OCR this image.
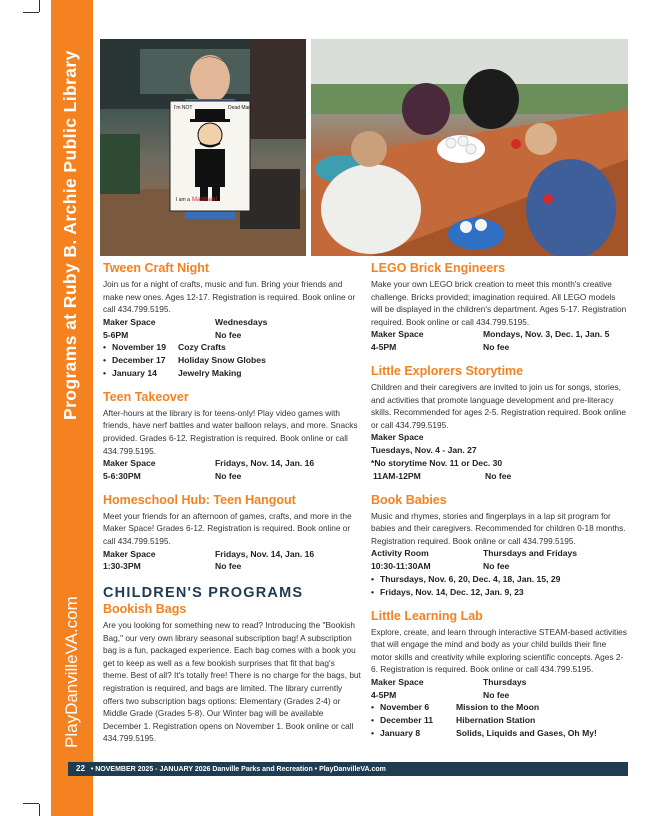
Programs at Ruby B. Archie Public Library
PlayDanvilleVA.com
I'm NOT	Dead Man
I am a Madman!
Tween Craft Night

Join us for a night of crafts, music and fun. Bring your friends and make new ones. Ages 12-17. Registration is required. Book online or call 434.799.5195.

Maker Space	Wednesdays
5-6PM	No fee
• November 19	Cozy Crafts
• December 17	Holiday Snow Globes
• January 14	Jewelry Making
Teen Takeover

After-hours at the library is for teens-only! Play video games with friends, have nerf battles and water balloon relays, and more. Snacks provided. Grades 6-12. Registration is required. Book online or call 434.799.5195.

Maker Space	Fridays, Nov. 14, Jan. 16
5-6:30PM	No fee
Homeschool Hub: Teen Hangout

Meet your friends for an afternoon of games, crafts, and more in the Maker Space! Grades 6-12. Registration is required. Book online or call 434.799.5195.

Maker Space	Fridays, Nov. 14, Jan. 16
1:30-3PM	No fee
CHILDREN'S PROGRAMS
Bookish Bags

Are you looking for something new to read? Introducing the "Bookish Bag," our very own library seasonal subscription bag! A subscription bag is a fun, packaged experience. Each bag comes with a book you get to keep as well as a few bookish surprises that fit that bag's theme. Best of all? It's totally free! There is no charge for the bags, but registration is required, and bags are limited. The library currently offers two subscription bags options: Elementary (Grades 2-4) or Middle Grade (Grades 5-8). Our Winter bag will be available December 1. Registration opens on November 1. Book online or call 434.799.5195.

LEGO Brick Engineers

Make your own LEGO brick creation to meet this month's creative challenge. Bricks provided; imagination required. All LEGO models will be displayed in the children's department. Ages 5-17. Registration required. Book online or call 434.799.5195.

Maker Space	Mondays, Nov. 3, Dec. 1, Jan. 5
4-5PM	No fee
Little Explorers Storytime

Children and their caregivers are invited to join us for songs, stories, and activities that promote language development and pre-literacy skills. Recommended for ages 2-5. Registration required. Book online or call 434.799.5195.

Maker Space
Tuesdays, Nov. 4 - Jan. 27
*No storytime Nov. 11 or Dec. 30
11AM-12PM	No fee
Book Babies

Music and rhymes, stories and fingerplays in a lap sit program for babies and their caregivers. Recommended for children 0-18 months. Registration required. Book online or call 434.799.5195.

Activity Room	Thursdays and Fridays
10:30-11:30AM	No fee
• Thursdays, Nov. 6, 20, Dec. 4, 18, Jan. 15, 29
• Fridays, Nov. 14, Dec. 12, Jan. 9, 23
Little Learning Lab

Explore, create, and learn through interactive STEAM-based activities that will engage the mind and body as your child builds their fine motor skills and creativity while exploring scientific concepts. Ages 2-6. Registration is required. Book online or call 434.799.5195.

Maker Space	Thursdays
4-5PM	No fee
• November 6	Mission to the Moon
• December 11	Hibernation Station
• January 8	Solids, Liquids and Gases, Oh My!
22 • NOVEMBER 2025 - JANUARY 2026 Danville Parks and Recreation • PlayDanvilleVA.com
